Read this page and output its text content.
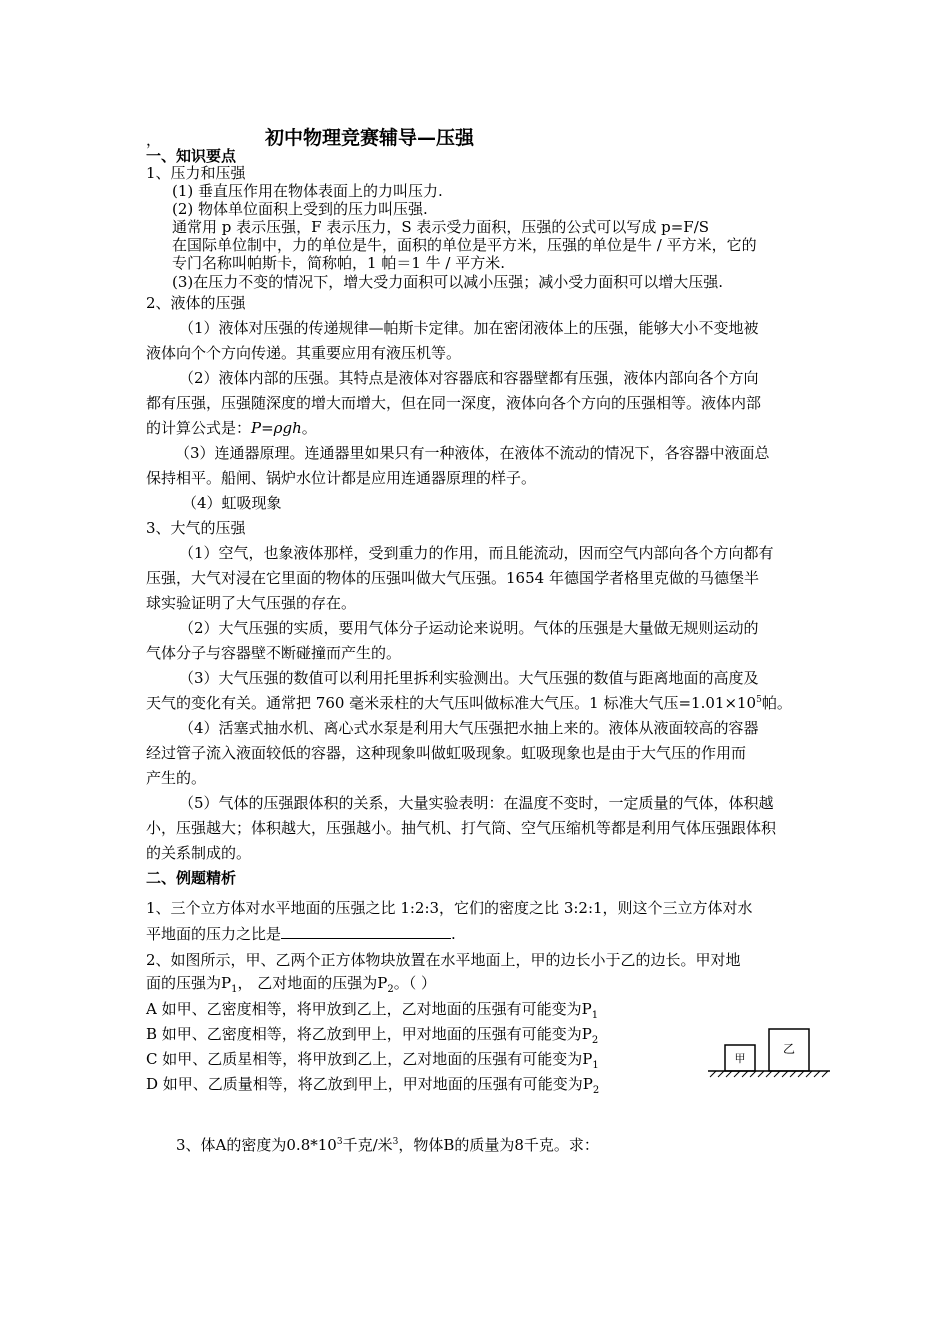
，	初中物理竞赛辅导—压强
一、知识要点
1、压力和压强
(1) 垂直压作用在物体表面上的力叫压力.
(2) 物体单位面积上受到的压力叫压强.
通常用 p 表示压强，F 表示压力，S 表示受力面积，压强的公式可以写成 p=F/S
在国际单位制中，力的单位是牛，面积的单位是平方米，压强的单位是牛 / 平方米，它的
专门名称叫帕斯卡，简称帕，1 帕＝1 牛 / 平方米.
(3)在压力不变的情况下，增大受力面积可以减小压强；减小受力面积可以增大压强.
2、液体的压强
（1）液体对压强的传递规律—帕斯卡定律。加在密闭液体上的压强，能够大小不变地被
液体向个个方向传递。其重要应用有液压机等。
（2）液体内部的压强。其特点是液体对容器底和容器壁都有压强，液体内部向各个方向
都有压强，压强随深度的增大而增大，但在同一深度，液体向各个方向的压强相等。液体内部
的计算公式是：P=ρgh。
（3）连通器原理。连通器里如果只有一种液体，在液体不流动的情况下，各容器中液面总
保持相平。船闸、锅炉水位计都是应用连通器原理的样子。
（4）虹吸现象
3、大气的压强
（1）空气，也象液体那样，受到重力的作用，而且能流动，因而空气内部向各个方向都有
压强，大气对浸在它里面的物体的压强叫做大气压强。1654 年德国学者格里克做的马德堡半
球实验证明了大气压强的存在。
（2）大气压强的实质，要用气体分子运动论来说明。气体的压强是大量做无规则运动的
气体分子与容器壁不断碰撞而产生的。
（3）大气压强的数值可以利用托里拆利实验测出。大气压强的数值与距离地面的高度及
天气的变化有关。通常把 760 毫米汞柱的大气压叫做标准大气压。1 标准大气压$=1.01\times 10^5$帕。
（4）活塞式抽水机、离心式水泵是利用大气压强把水抽上来的。液体从液面较高的容器
经过管子流入液面较低的容器，这种现象叫做虹吸现象。虹吸现象也是由于大气压的作用而
产生的。
（5）气体的压强跟体积的关系，大量实验表明：在温度不变时，一定质量的气体，体积越
小，压强越大；体积越大，压强越小。抽气机、打气筒、空气压缩机等都是利用气体压强跟体积
的关系制成的。
二、例题精析
1、三个立方体对水平地面的压强之比 1:2:3，它们的密度之比 3:2:1，则这个三立方体对水
平地面的压力之比是	.
2、如图所示，甲、乙两个正方体物块放置在水平地面上，甲的边长小于乙的边长。甲对地
面的压强为$P_1$， 乙对地面的压强为$P_2$。（ ）
A 如甲、乙密度相等，将甲放到乙上，乙对地面的压强有可能变为$P_1$
B 如甲、乙密度相等，将乙放到甲上，甲对地面的压强有可能变为$P_2$
C 如甲、乙质星相等，将甲放到乙上，乙对地面的压强有可能变为$P_1$
D 如甲、乙质量相等，将乙放到甲上，甲对地面的压强有可能变为$P_2$
甲
乙
3、体A的密度为$0.8*10^3$千克/米$^3$，物体B的质量为8千克。求：
